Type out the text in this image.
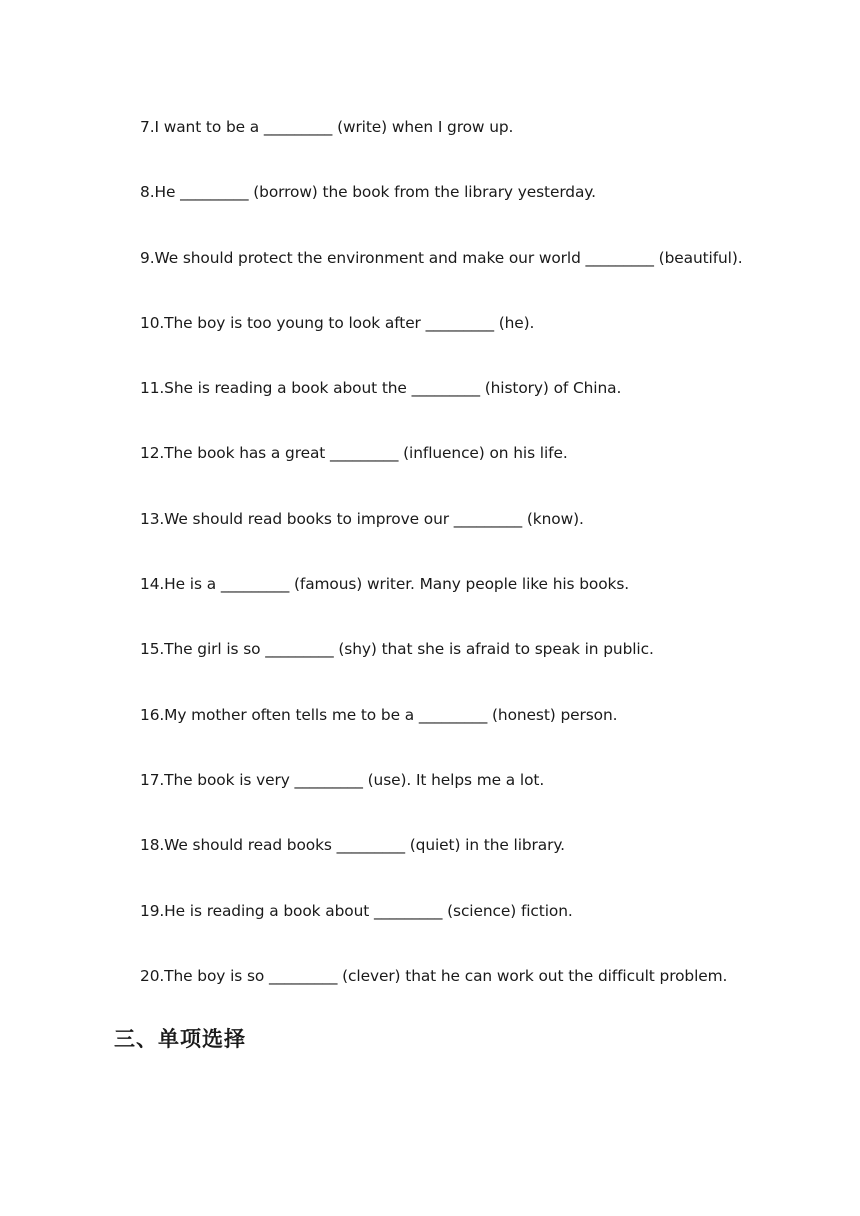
7.I want to be a _________ (write) when I grow up.
8.He _________ (borrow) the book from the library yesterday.
9.We should protect the environment and make our world _________ (beautiful).
10.The boy is too young to look after _________ (he).
11.She is reading a book about the _________ (history) of China.
12.The book has a great _________ (influence) on his life.
13.We should read books to improve our _________ (know).
14.He is a _________ (famous) writer. Many people like his books.
15.The girl is so _________ (shy) that she is afraid to speak in public.
16.My mother often tells me to be a _________ (honest) person.
17.The book is very _________ (use). It helps me a lot.
18.We should read books _________ (quiet) in the library.
19.He is reading a book about _________ (science) fiction.
20.The boy is so _________ (clever) that he can work out the difficult problem.
三、单项选择
